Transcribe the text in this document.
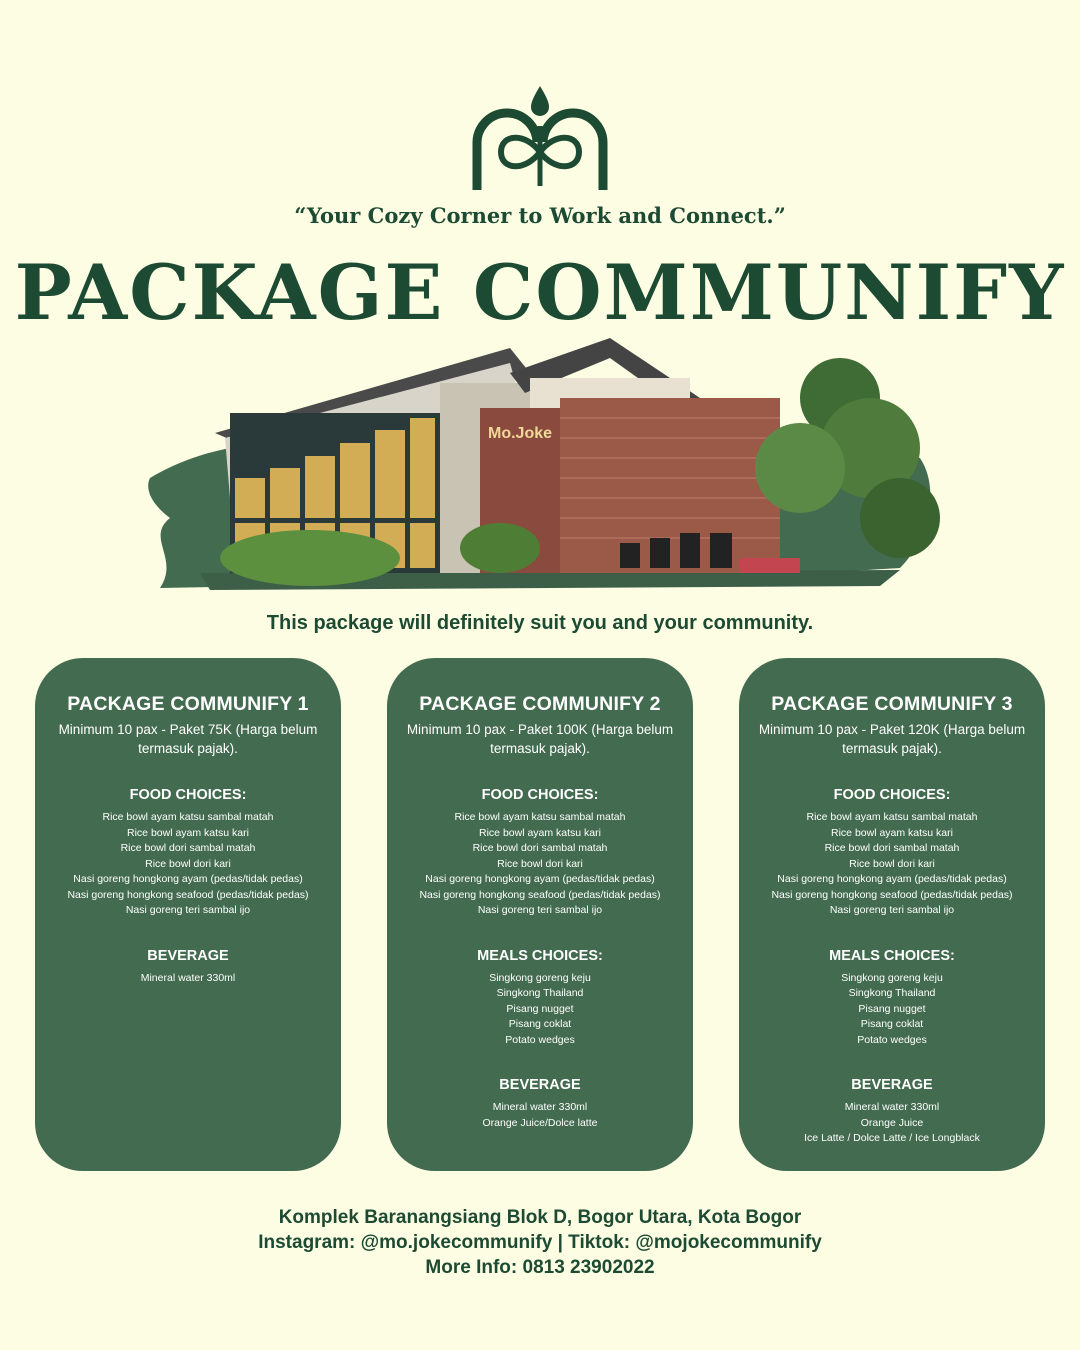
“Your Cozy Corner to Work and Connect.”
PACKAGE COMMUNIFY
Mo.Joke
This package will definitely suit you and your community.
PACKAGE COMMUNIFY 1
Minimum 10 pax - Paket 75K (Harga belum termasuk pajak).
FOOD CHOICES:
Rice bowl ayam katsu sambal matah
Rice bowl ayam katsu kari
Rice bowl dori sambal matah
Rice bowl dori kari
Nasi goreng hongkong ayam (pedas/tidak pedas)
Nasi goreng hongkong seafood (pedas/tidak pedas)
Nasi goreng teri sambal ijo
BEVERAGE
Mineral water 330ml
PACKAGE COMMUNIFY 2
Minimum 10 pax - Paket 100K (Harga belum termasuk pajak).
FOOD CHOICES:
Rice bowl ayam katsu sambal matah
Rice bowl ayam katsu kari
Rice bowl dori sambal matah
Rice bowl dori kari
Nasi goreng hongkong ayam (pedas/tidak pedas)
Nasi goreng hongkong seafood (pedas/tidak pedas)
Nasi goreng teri sambal ijo
MEALS CHOICES:
Singkong goreng keju
Singkong Thailand
Pisang nugget
Pisang coklat
Potato wedges
BEVERAGE
Mineral water 330ml
Orange Juice/Dolce latte
PACKAGE COMMUNIFY 3
Minimum 10 pax - Paket 120K (Harga belum termasuk pajak).
FOOD CHOICES:
Rice bowl ayam katsu sambal matah
Rice bowl ayam katsu kari
Rice bowl dori sambal matah
Rice bowl dori kari
Nasi goreng hongkong ayam (pedas/tidak pedas)
Nasi goreng hongkong seafood (pedas/tidak pedas)
Nasi goreng teri sambal ijo
MEALS CHOICES:
Singkong goreng keju
Singkong Thailand
Pisang nugget
Pisang coklat
Potato wedges
BEVERAGE
Mineral water 330ml
Orange Juice
Ice Latte / Dolce Latte / Ice Longblack
Komplek Baranangsiang Blok D, Bogor Utara, Kota Bogor
Instagram: @mo.jokecommunify | Tiktok: @mojokecommunify
More Info: 0813 23902022
